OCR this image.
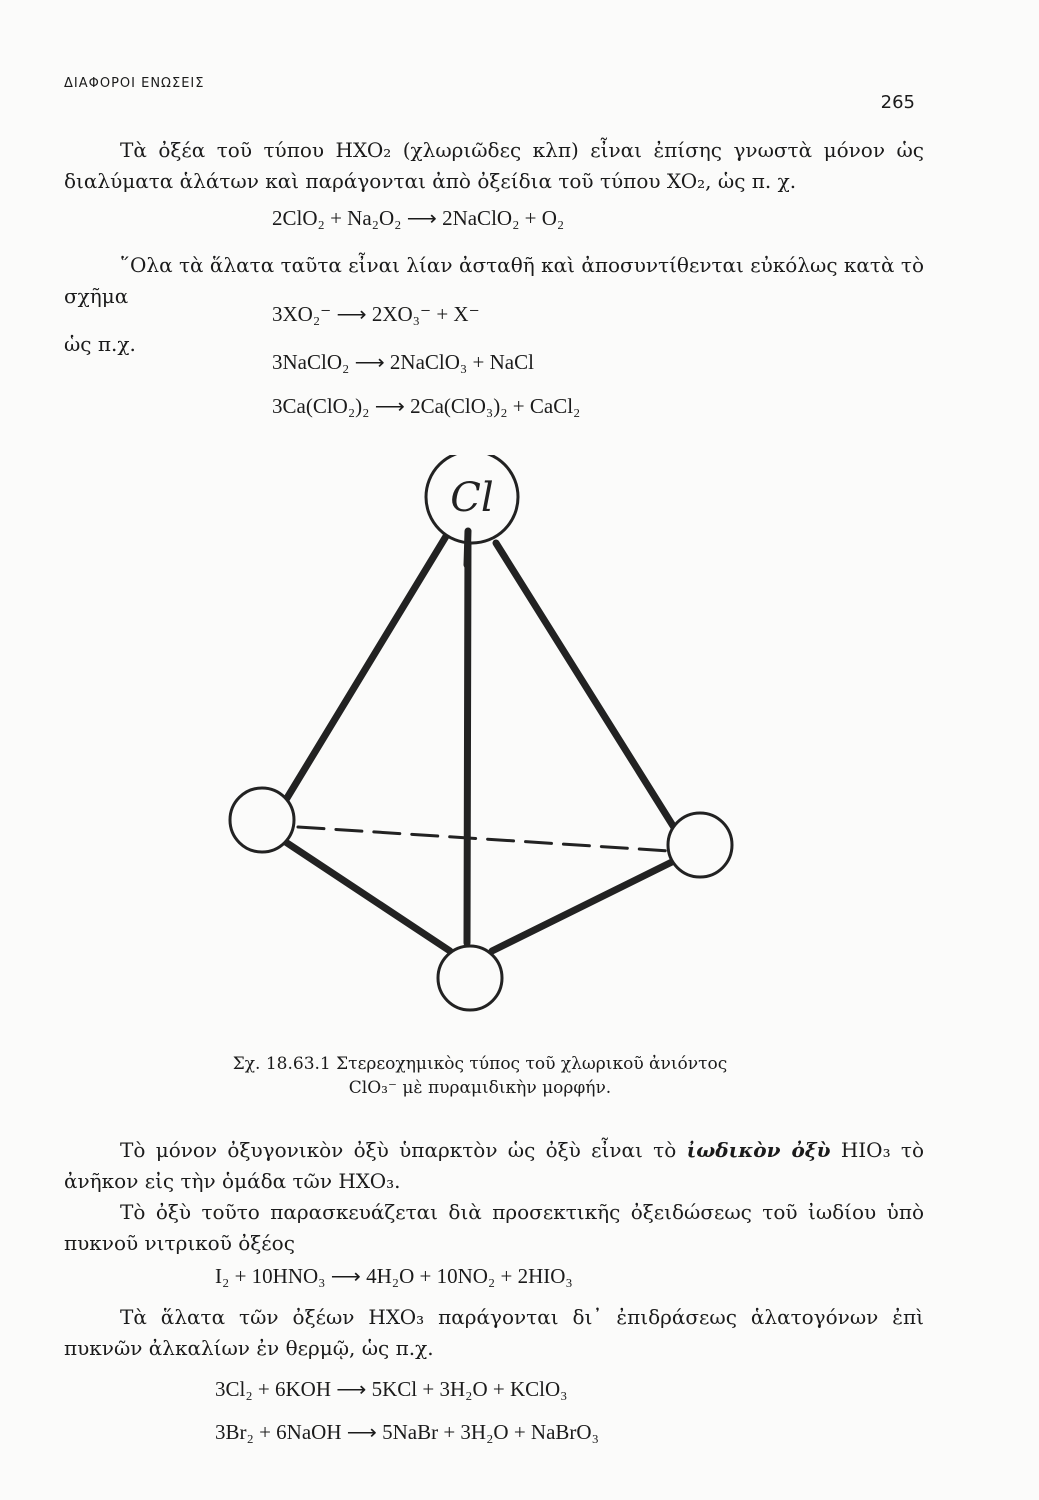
ΔΙΑΦΟΡΟΙ ΕΝΩΣΕΙΣ
265
Τὰ ὀξέα τοῦ τύπου HXO₂ (χλωριῶδες κλπ) εἶναι ἐπίσης γνωστὰ μόνον ὡς διαλύματα ἁλάτων καὶ παράγονται ἀπὸ ὀξείδια τοῦ τύπου XO₂, ὡς π. χ.
2ClO₂ + Na₂O₂ ⟶ 2NaClO₂ + O₂
῞Ολα τὰ ἅλατα ταῦτα εἶναι λίαν ἀσταθῆ καὶ ἀποσυντίθενται εὐκόλως κατὰ τὸ σχῆμα
3XO₂⁻ ⟶ 2XO₃⁻ + X⁻
ὡς π.χ.
3NaClO₂ ⟶ 2NaClO₃ + NaCl
3Ca(ClO₂)₂ ⟶ 2Ca(ClO₃)₂ + CaCl₂
Cl
Σχ. 18.63.1 Στερεοχημικὸς τύπος τοῦ χλωρικοῦ ἀνιόντος
ClO₃⁻ μὲ πυραμιδικὴν μορφήν.
Τὸ μόνον ὀξυγονικὸν ὀξὺ ὑπαρκτὸν ὡς ὀξὺ εἶναι τὸ ἰωδικὸν ὀξὺ HIO₃ τὸ ἀνῆκον εἰς τὴν ὁμάδα τῶν HXO₃.
Τὸ ὀξὺ τοῦτο παρασκευάζεται διὰ προσεκτικῆς ὀξειδώσεως τοῦ ἰωδίου ὑπὸ πυκνοῦ νιτρικοῦ ὀξέος
I₂ + 10HNO₃ ⟶ 4H₂O + 10NO₂ + 2HIO₃
Τὰ ἅλατα τῶν ὀξέων HXO₃ παράγονται δι᾿ ἐπιδράσεως ἁλατογόνων ἐπὶ πυκνῶν ἀλκαλίων ἐν θερμῷ, ὡς π.χ.
3Cl₂ + 6KOH ⟶ 5KCl + 3H₂O + KClO₃
3Br₂ + 6NaOH ⟶ 5NaBr + 3H₂O + NaBrO₃
